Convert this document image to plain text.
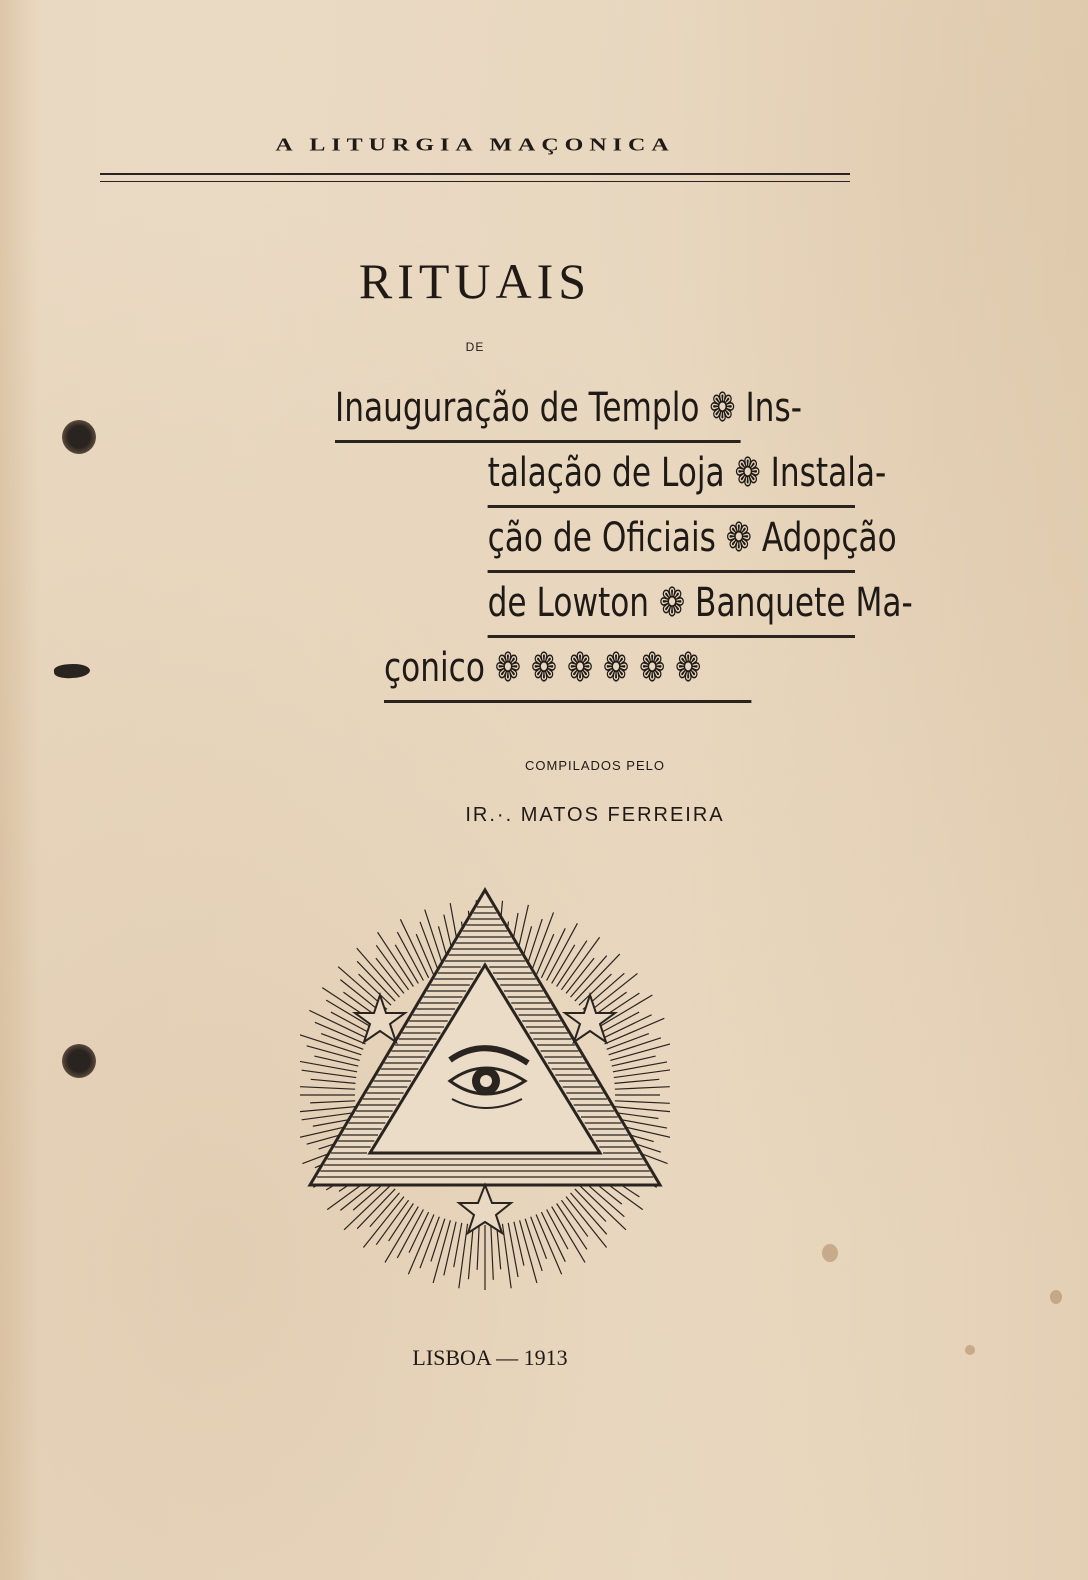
A LITURGIA MAÇONICA
RITUAIS
DE
Inauguração de Templo ❁ Ins-
talação de Loja ❁ Instala-
ção de Oficiais ❁ Adopção
de Lowton ❁ Banquete Ma-
çonico ❁ ❁ ❁ ❁ ❁ ❁
COMPILADOS PELO
IR.·. MATOS FERREIRA
LISBOA — 1913
